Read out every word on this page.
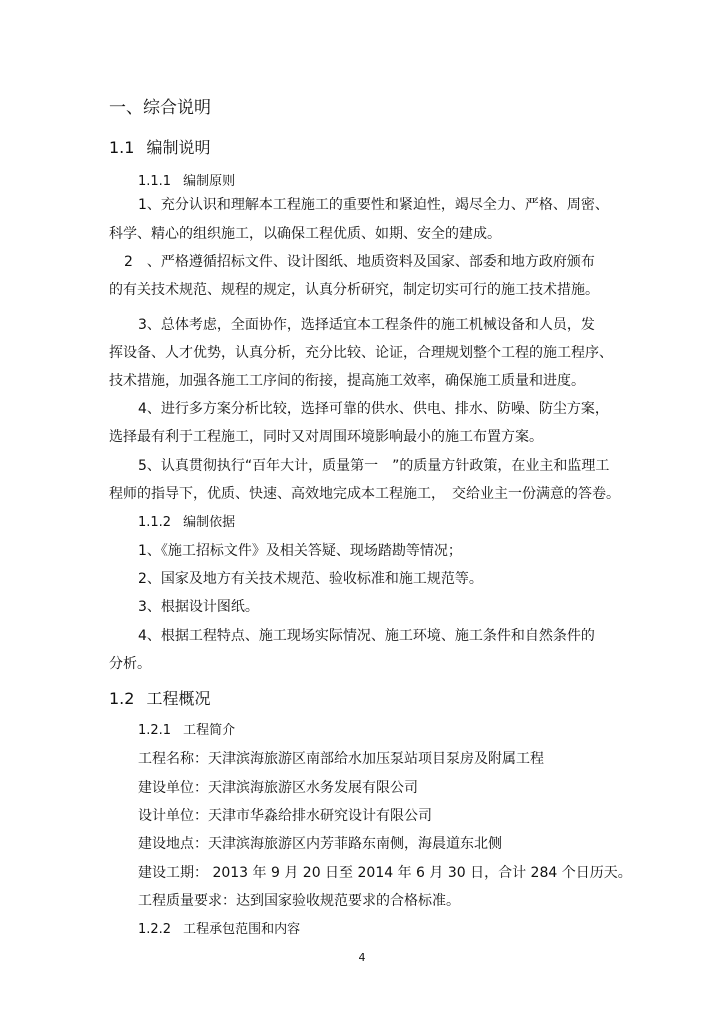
一、综合说明
1.1 编制说明
1.1.1 编制原则
1、充分认识和理解本工程施工的重要性和紧迫性，竭尽全力、严格、周密、
科学、精心的组织施工，以确保工程优质、如期、安全的建成。
2　、严格遵循招标文件、设计图纸、地质资料及国家、部委和地方政府颁布
的有关技术规范、规程的规定，认真分析研究，制定切实可行的施工技术措施。
3、总体考虑，全面协作，选择适宜本工程条件的施工机械设备和人员，发
挥设备、人才优势，认真分析，充分比较、论证，合理规划整个工程的施工程序、
技术措施，加强各施工工序间的衔接，提高施工效率，确保施工质量和进度。
4、进行多方案分析比较，选择可靠的供水、供电、排水、防噪、防尘方案，
选择最有利于工程施工，同时又对周围环境影响最小的施工布置方案。
5、认真贯彻执行“百年大计，质量第一　”的质量方针政策，在业主和监理工
程师的指导下，优质、快速、高效地完成本工程施工，　交给业主一份满意的答卷。
1.1.2 编制依据
1、《施工招标文件》及相关答疑、现场踏勘等情况；
2、国家及地方有关技术规范、验收标准和施工规范等。
3、根据设计图纸。
4、根据工程特点、施工现场实际情况、施工环境、施工条件和自然条件的
分析。
1.2 工程概况
1.2.1 工程简介
工程名称：天津滨海旅游区南部给水加压泵站项目泵房及附属工程
建设单位：天津滨海旅游区水务发展有限公司
设计单位：天津市华淼给排水研究设计有限公司
建设地点：天津滨海旅游区内芳菲路东南侧，海晨道东北侧
建设工期： 2013 年 9 月 20 日至 2014 年 6 月 30 日，合计 284 个日历天。
工程质量要求：达到国家验收规范要求的合格标准。
1.2.2 工程承包范围和内容
4
